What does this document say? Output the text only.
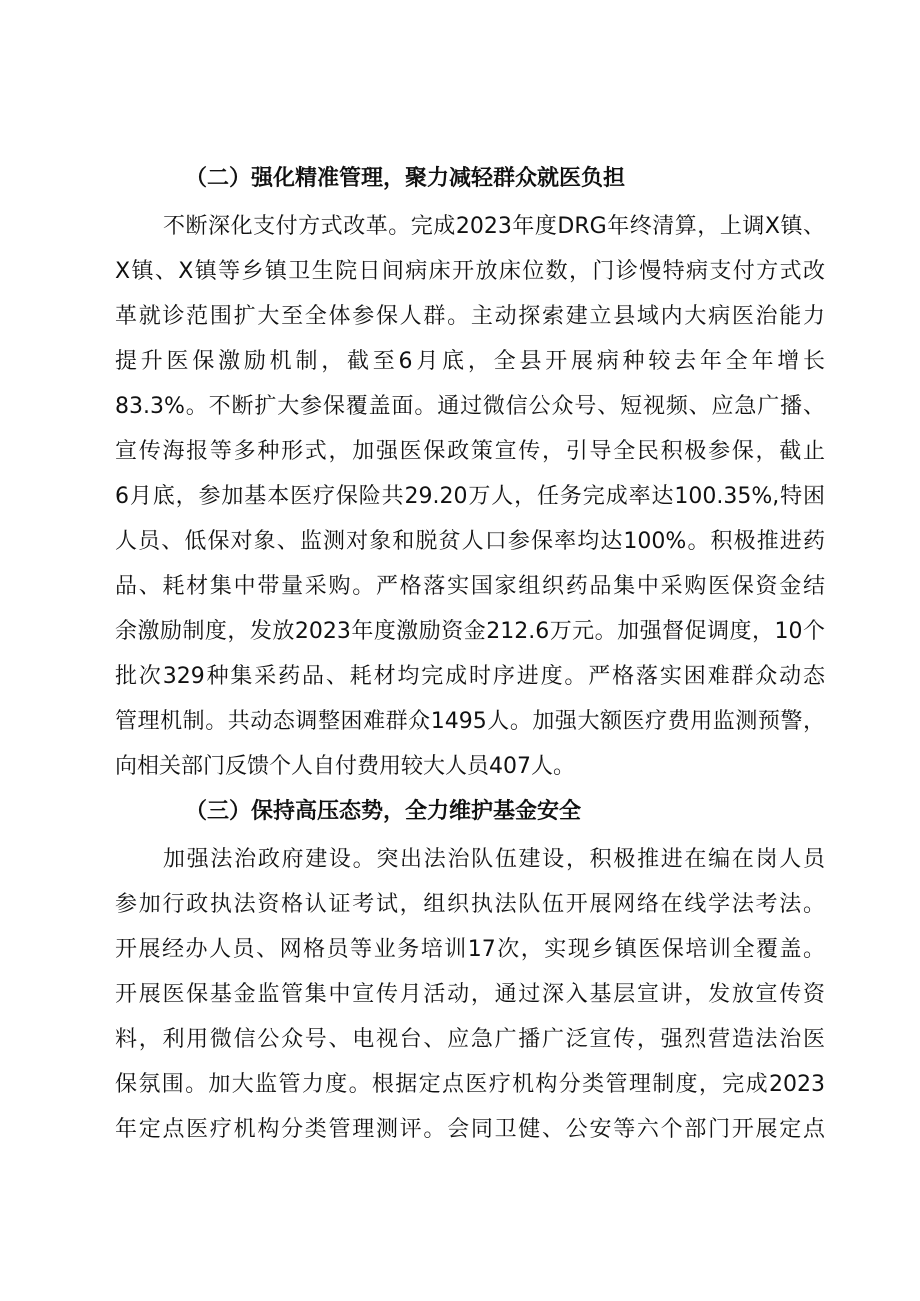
（二）强化精准管理，聚力减轻群众就医负担
不断深化支付方式改革。完成2023年度DRG年终清算，上调X镇、
X镇、X镇等乡镇卫生院日间病床开放床位数，门诊慢特病支付方式改
革就诊范围扩大至全体参保人群。主动探索建立县域内大病医治能力
提升医保激励机制，截至6月底，全县开展病种较去年全年增长
83.3%。不断扩大参保覆盖面。通过微信公众号、短视频、应急广播、
宣传海报等多种形式，加强医保政策宣传，引导全民积极参保，截止
6月底，参加基本医疗保险共29.20万人，任务完成率达100.35%,特困
人员、低保对象、监测对象和脱贫人口参保率均达100%。积极推进药
品、耗材集中带量采购。严格落实国家组织药品集中采购医保资金结
余激励制度，发放2023年度激励资金212.6万元。加强督促调度，10个
批次329种集采药品、耗材均完成时序进度。严格落实困难群众动态
管理机制。共动态调整困难群众1495人。加强大额医疗费用监测预警，
向相关部门反馈个人自付费用较大人员407人。
（三）保持高压态势，全力维护基金安全
加强法治政府建设。突出法治队伍建设，积极推进在编在岗人员
参加行政执法资格认证考试，组织执法队伍开展网络在线学法考法。
开展经办人员、网格员等业务培训17次，实现乡镇医保培训全覆盖。
开展医保基金监管集中宣传月活动，通过深入基层宣讲，发放宣传资
料，利用微信公众号、电视台、应急广播广泛宣传，强烈营造法治医
保氛围。加大监管力度。根据定点医疗机构分类管理制度，完成2023
年定点医疗机构分类管理测评。会同卫健、公安等六个部门开展定点
